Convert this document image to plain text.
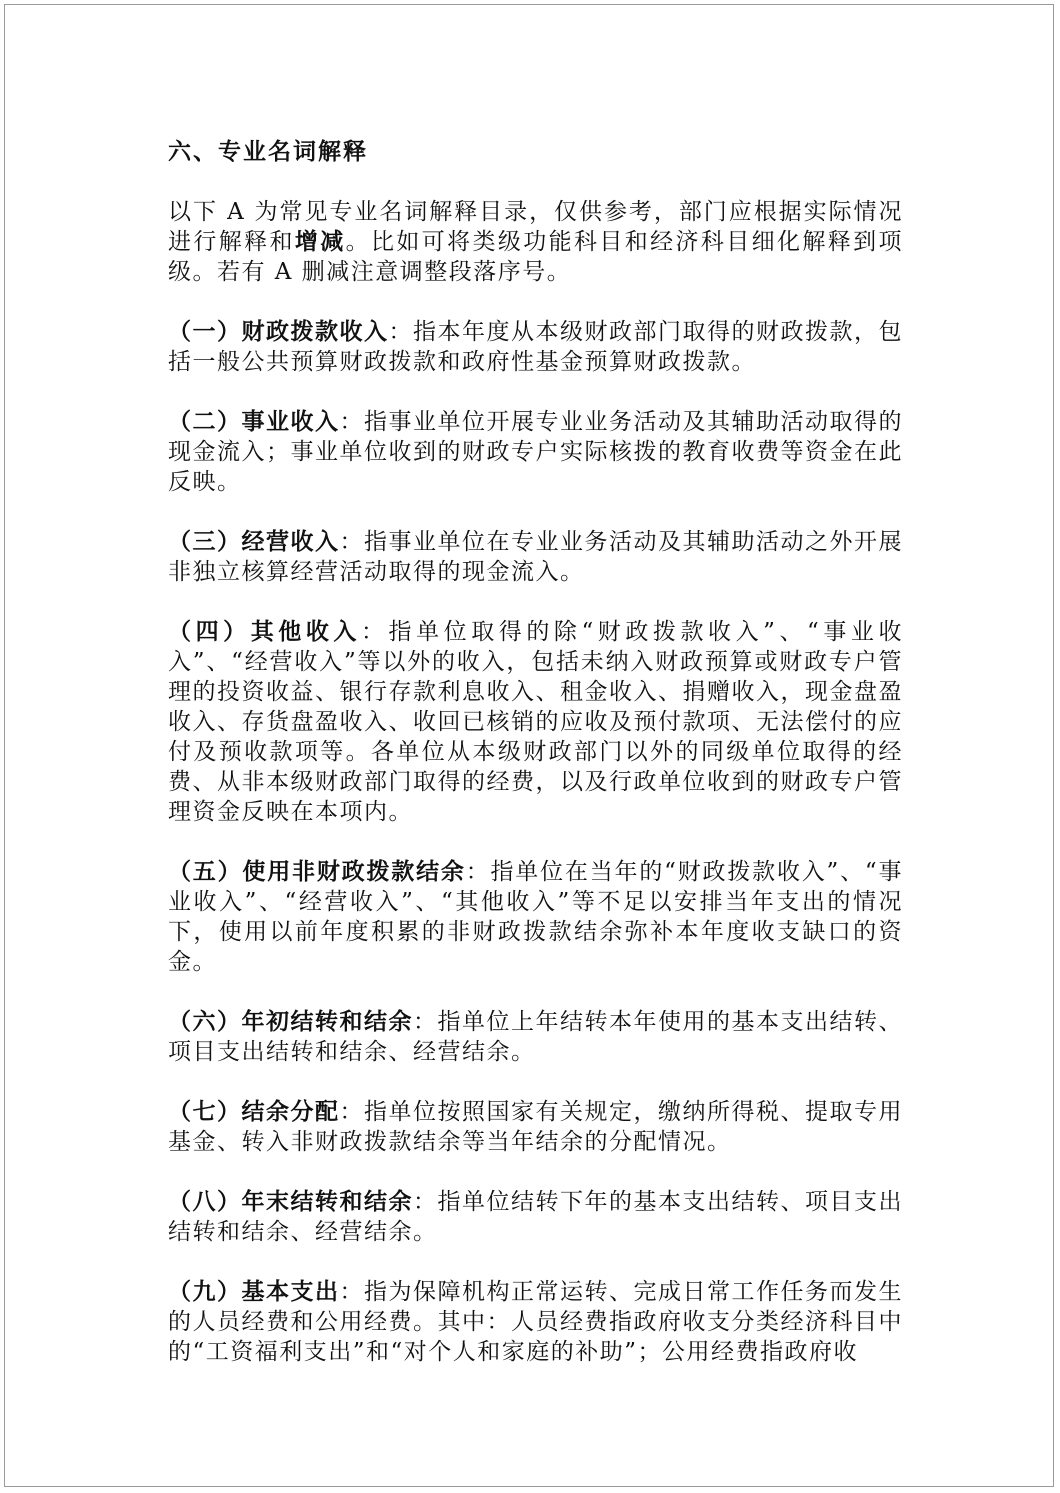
六、专业名词解释
以下 A 为常见专业名词解释目录，仅供参考，部门应根据实际情况进行解释和增减。比如可将类级功能科目和经济科目细化解释到项级。若有 A 删减注意调整段落序号。
（一）财政拨款收入：指本年度从本级财政部门取得的财政拨款，包括一般公共预算财政拨款和政府性基金预算财政拨款。
（二）事业收入：指事业单位开展专业业务活动及其辅助活动取得的现金流入；事业单位收到的财政专户实际核拨的教育收费等资金在此反映。
（三）经营收入：指事业单位在专业业务活动及其辅助活动之外开展非独立核算经营活动取得的现金流入。
（四）其他收入：指单位取得的除“财政拨款收入”、“事业收入”、“经营收入”等以外的收入，包括未纳入财政预算或财政专户管理的投资收益、银行存款利息收入、租金收入、捐赠收入，现金盘盈收入、存货盘盈收入、收回已核销的应收及预付款项、无法偿付的应付及预收款项等。各单位从本级财政部门以外的同级单位取得的经费、从非本级财政部门取得的经费，以及行政单位收到的财政专户管理资金反映在本项内。
（五）使用非财政拨款结余：指单位在当年的“财政拨款收入”、“事业收入”、“经营收入”、“其他收入”等不足以安排当年支出的情况下，使用以前年度积累的非财政拨款结余弥补本年度收支缺口的资金。
（六）年初结转和结余：指单位上年结转本年使用的基本支出结转、项目支出结转和结余、经营结余。
（七）结余分配：指单位按照国家有关规定，缴纳所得税、提取专用基金、转入非财政拨款结余等当年结余的分配情况。
（八）年末结转和结余：指单位结转下年的基本支出结转、项目支出结转和结余、经营结余。
（九）基本支出：指为保障机构正常运转、完成日常工作任务而发生的人员经费和公用经费。其中：人员经费指政府收支分类经济科目中的“工资福利支出”和“对个人和家庭的补助”；公用经费指政府收
